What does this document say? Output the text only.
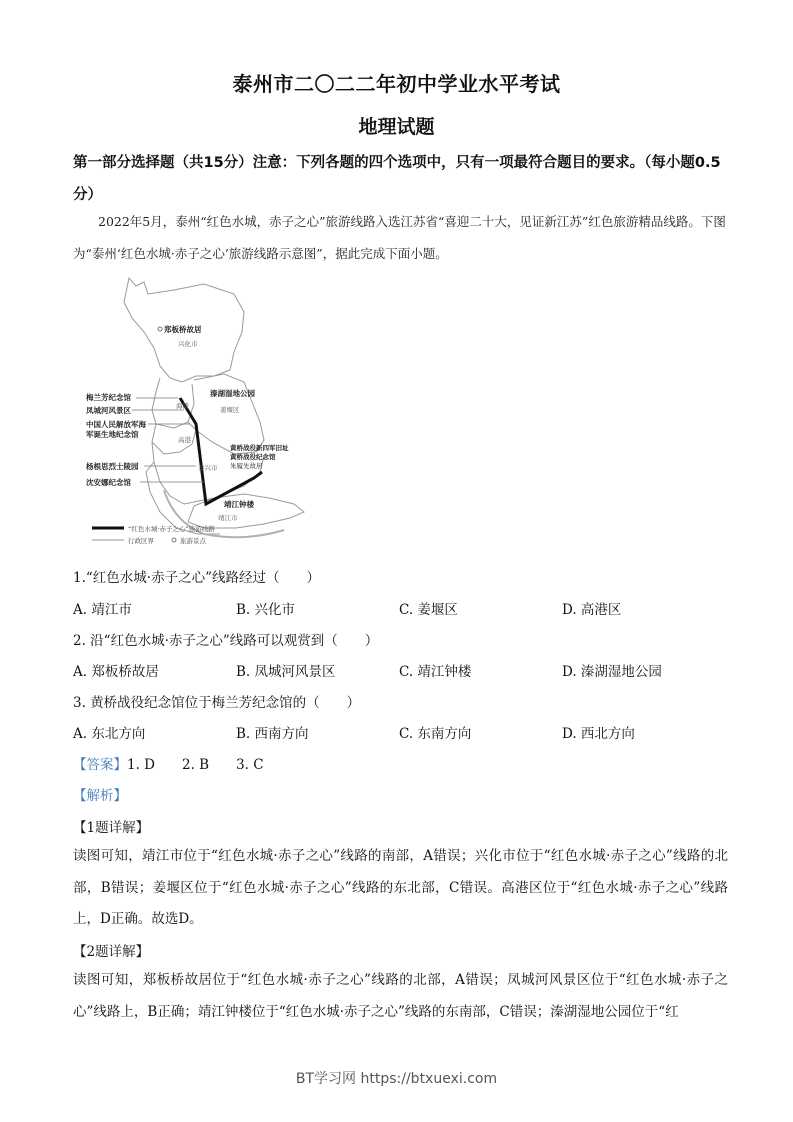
泰州市二〇二二年初中学业水平考试
地理试题
第一部分选择题（共15分）注意：下列各题的四个选项中，只有一项最符合题目的要求。（每小题0.5分）
2022年5月，泰州“红色水城，赤子之心”旅游线路入选江苏省“喜迎二十大，见证新江苏”红色旅游精品线路。下图为“泰州‘红色水城·赤子之心’旅游线路示意图”，据此完成下面小题。
郑板桥故居
溱湖湿地公园
梅兰芳纪念馆
凤城河风景区
中国人民解放军海
军诞生地纪念馆
杨根思烈士陵园
沈安娜纪念馆
黄桥战役新四军旧址
黄桥战役纪念馆
朱履先故居
靖江钟楼
兴化市
姜堰区
海陵
高港
泰兴市
靖江市
“红色水城·赤子之心”旅游线路
行政区界	旅游景点
1.“红色水城·赤子之心”线路经过（　　）
A. 靖江市	B. 兴化市	C. 姜堰区	D. 高港区
2. 沿“红色水城·赤子之心”线路可以观赏到（　　）
A. 郑板桥故居	B. 凤城河风景区	C. 靖江钟楼	D. 溱湖湿地公园
3. 黄桥战役纪念馆位于梅兰芳纪念馆的（　　）
A. 东北方向	B. 西南方向	C. 东南方向	D. 西北方向
【答案】1. D　　2. B　　3. C
【解析】
【1题详解】
读图可知，靖江市位于“红色水城·赤子之心”线路的南部，A错误；兴化市位于“红色水城·赤子之心”线路的北部，B错误；姜堰区位于“红色水城·赤子之心”线路的东北部，C错误。高港区位于“红色水城·赤子之心”线路上，D正确。故选D。
【2题详解】
读图可知，郑板桥故居位于“红色水城·赤子之心”线路的北部，A错误；凤城河风景区位于“红色水城·赤子之心”线路上，B正确；靖江钟楼位于“红色水城·赤子之心”线路的东南部，C错误；溱湖湿地公园位于“红
BT学习网 https://btxuexi.com
